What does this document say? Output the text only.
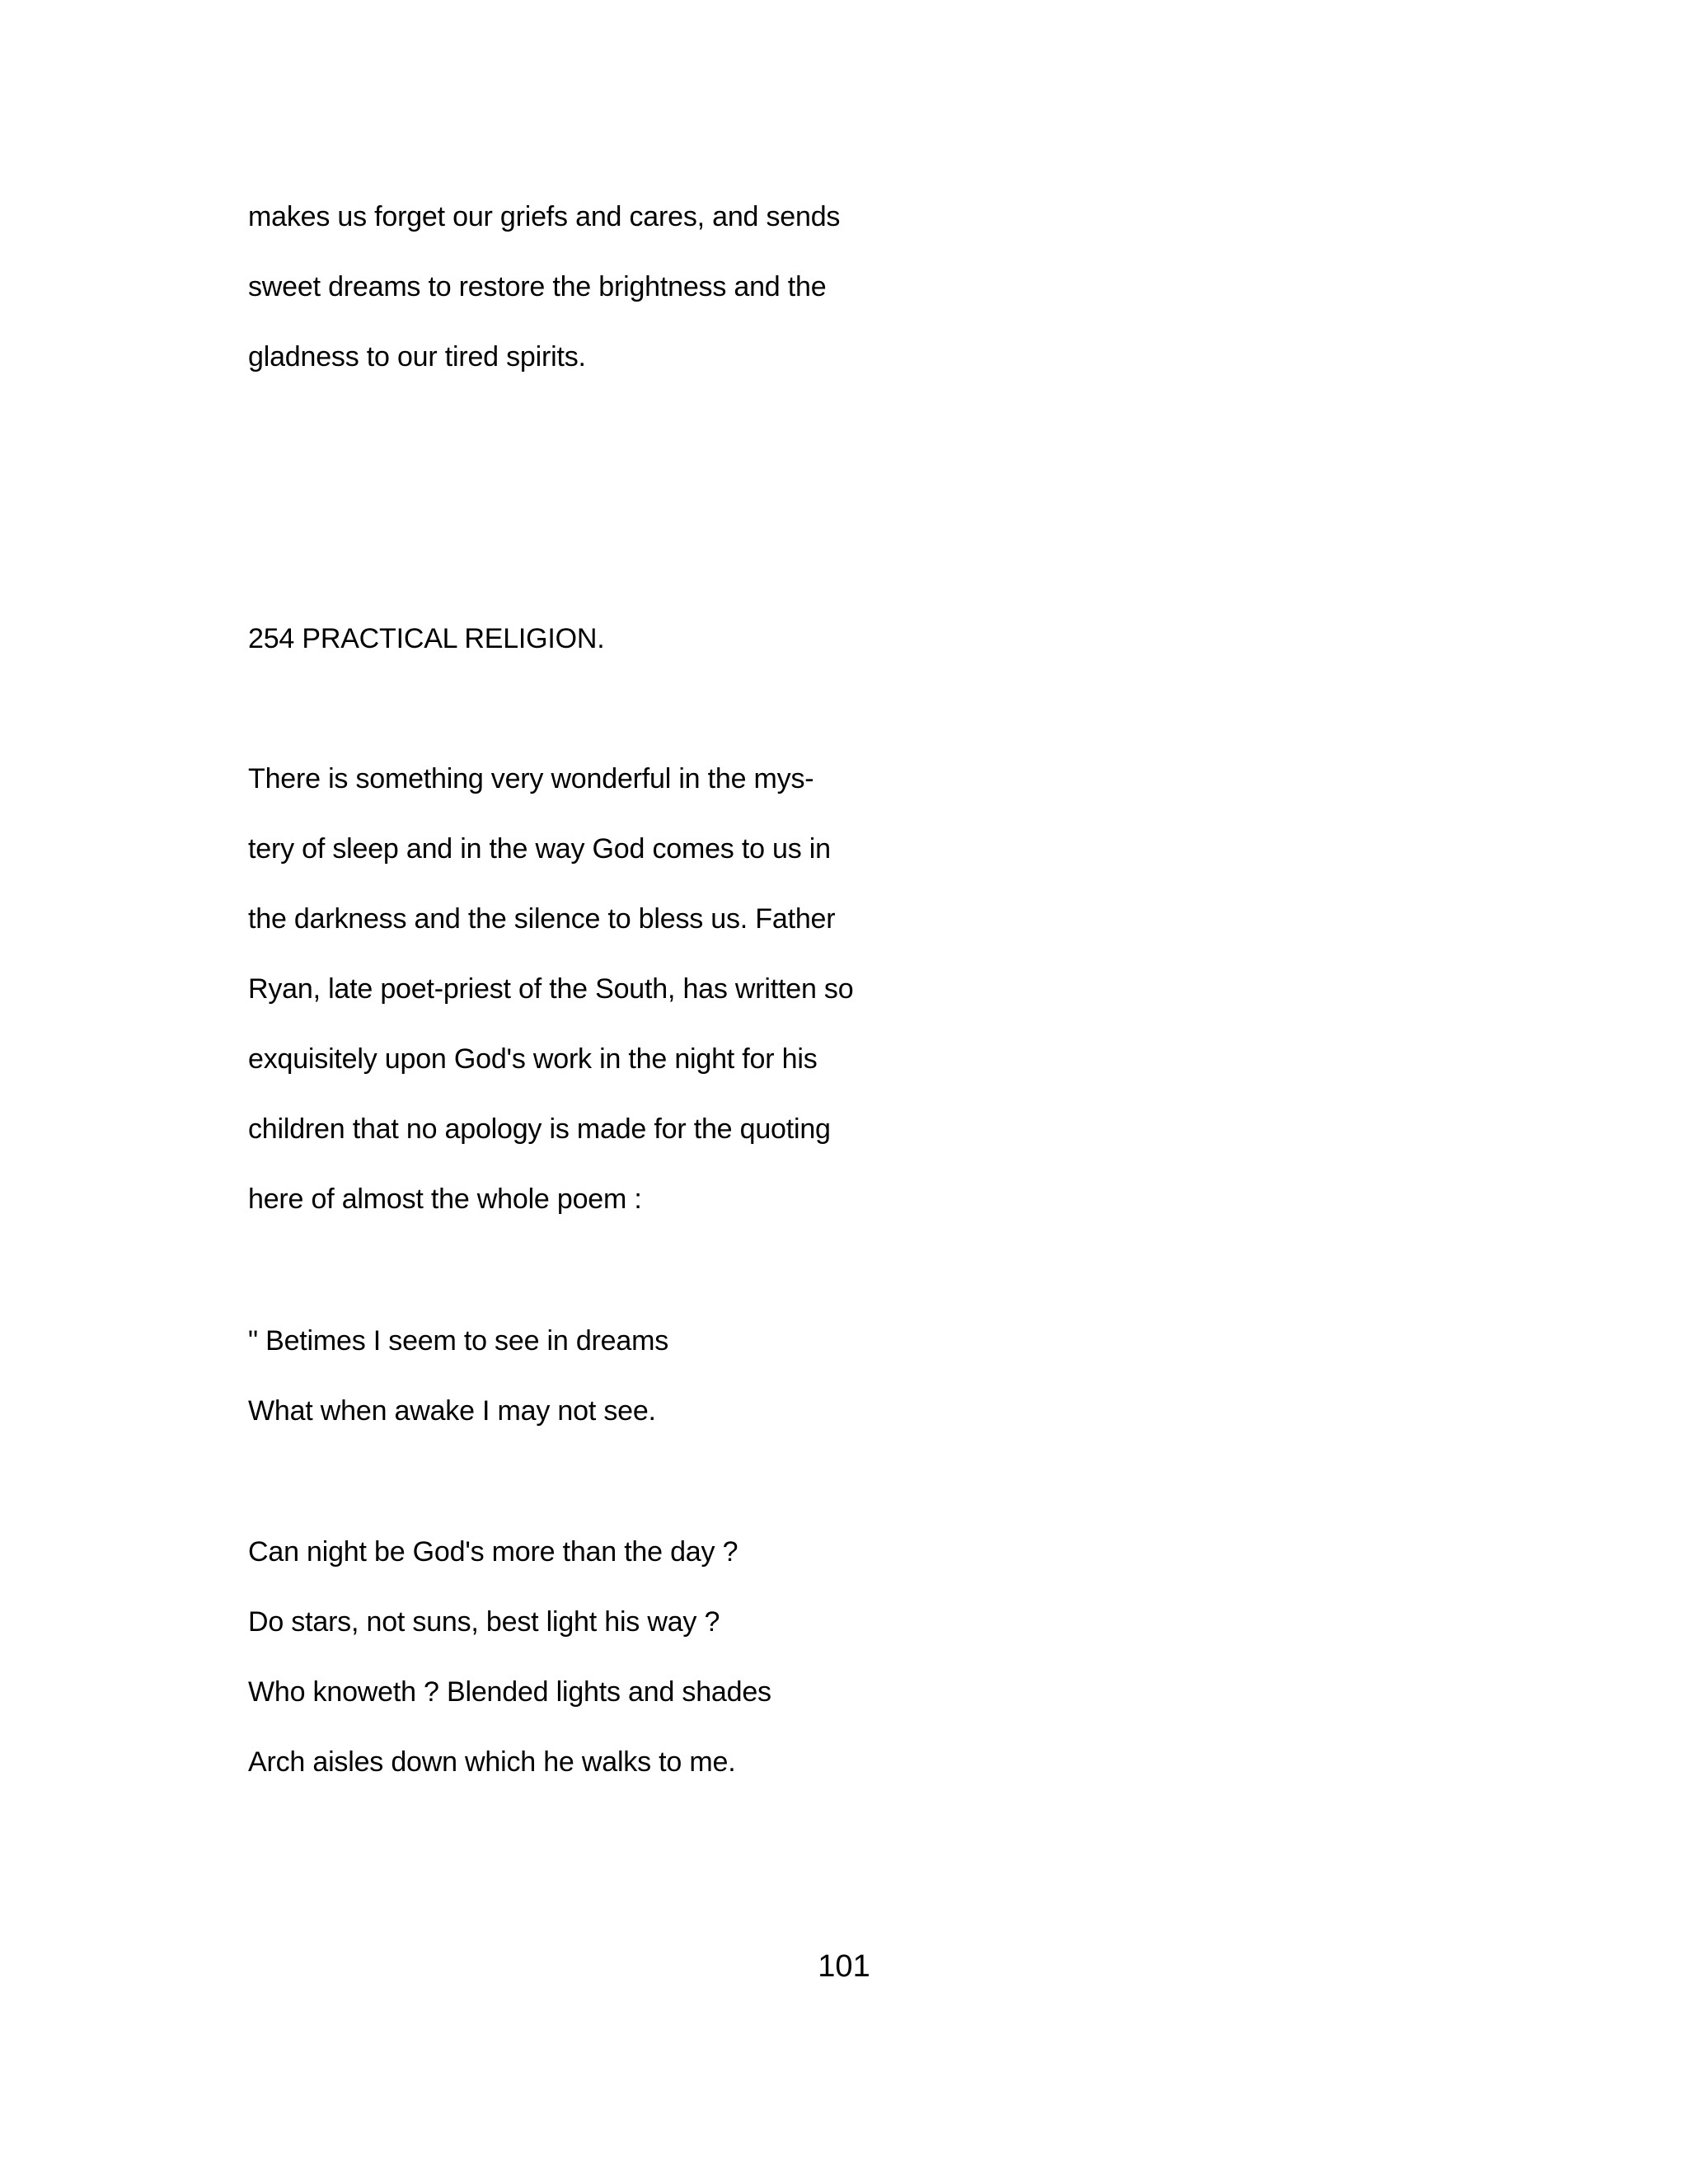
makes us forget our griefs and cares, and sends

sweet dreams to restore the brightness and the

gladness to our tired spirits.

254 PRACTICAL RELIGION.

There is something very wonderful in the mys-

tery of sleep and in the way God comes to us in

the darkness and the silence to bless us. Father

Ryan, late poet-priest of the South, has written so

exquisitely upon God's work in the night for his

children that no apology is made for the quoting

here of almost the whole poem :

" Betimes I seem to see in dreams

What when awake I may not see.

Can night be God's more than the day ?

Do stars, not suns, best light his way ?

Who knoweth ? Blended lights and shades

Arch aisles down which he walks to me.

101
